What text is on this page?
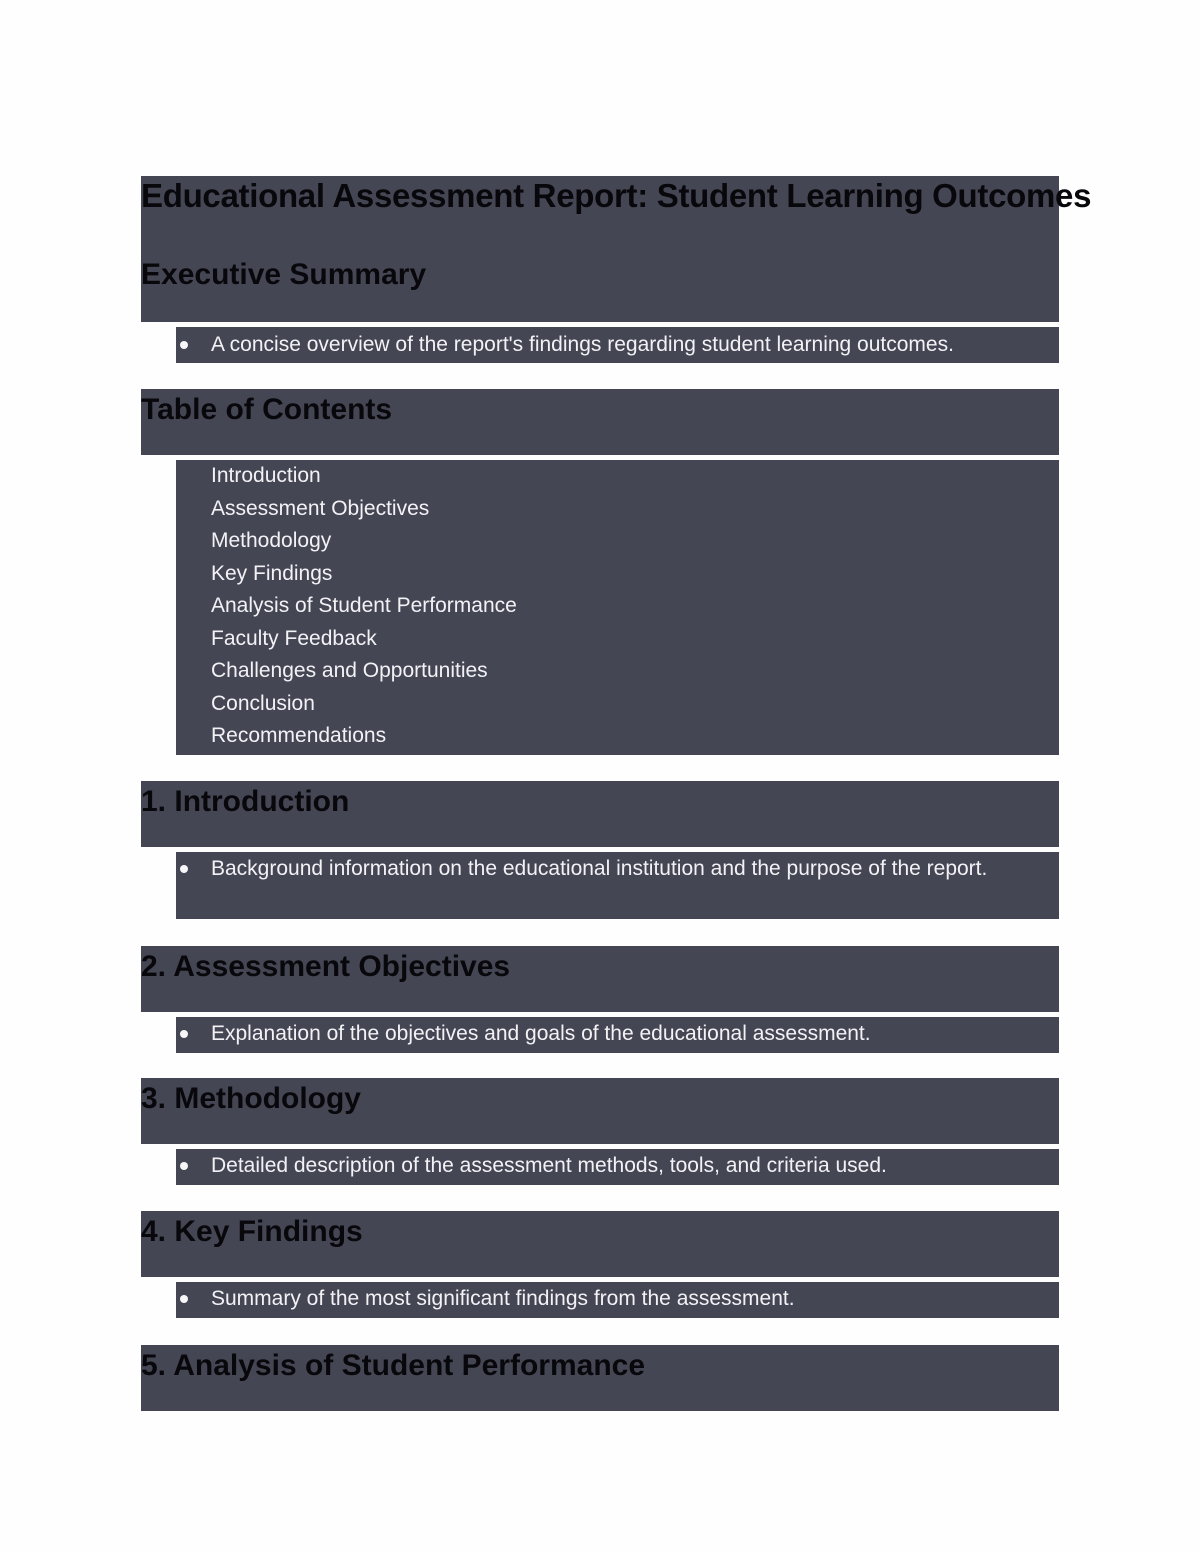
Educational Assessment Report: Student Learning Outcomes
Executive Summary
A concise overview of the report's findings regarding student learning outcomes.
Table of Contents
Introduction
Assessment Objectives
Methodology
Key Findings
Analysis of Student Performance
Faculty Feedback
Challenges and Opportunities
Conclusion
Recommendations
1. Introduction
Background information on the educational institution and the purpose of the report.
2. Assessment Objectives
Explanation of the objectives and goals of the educational assessment.
3. Methodology
Detailed description of the assessment methods, tools, and criteria used.
4. Key Findings
Summary of the most significant findings from the assessment.
5. Analysis of Student Performance
